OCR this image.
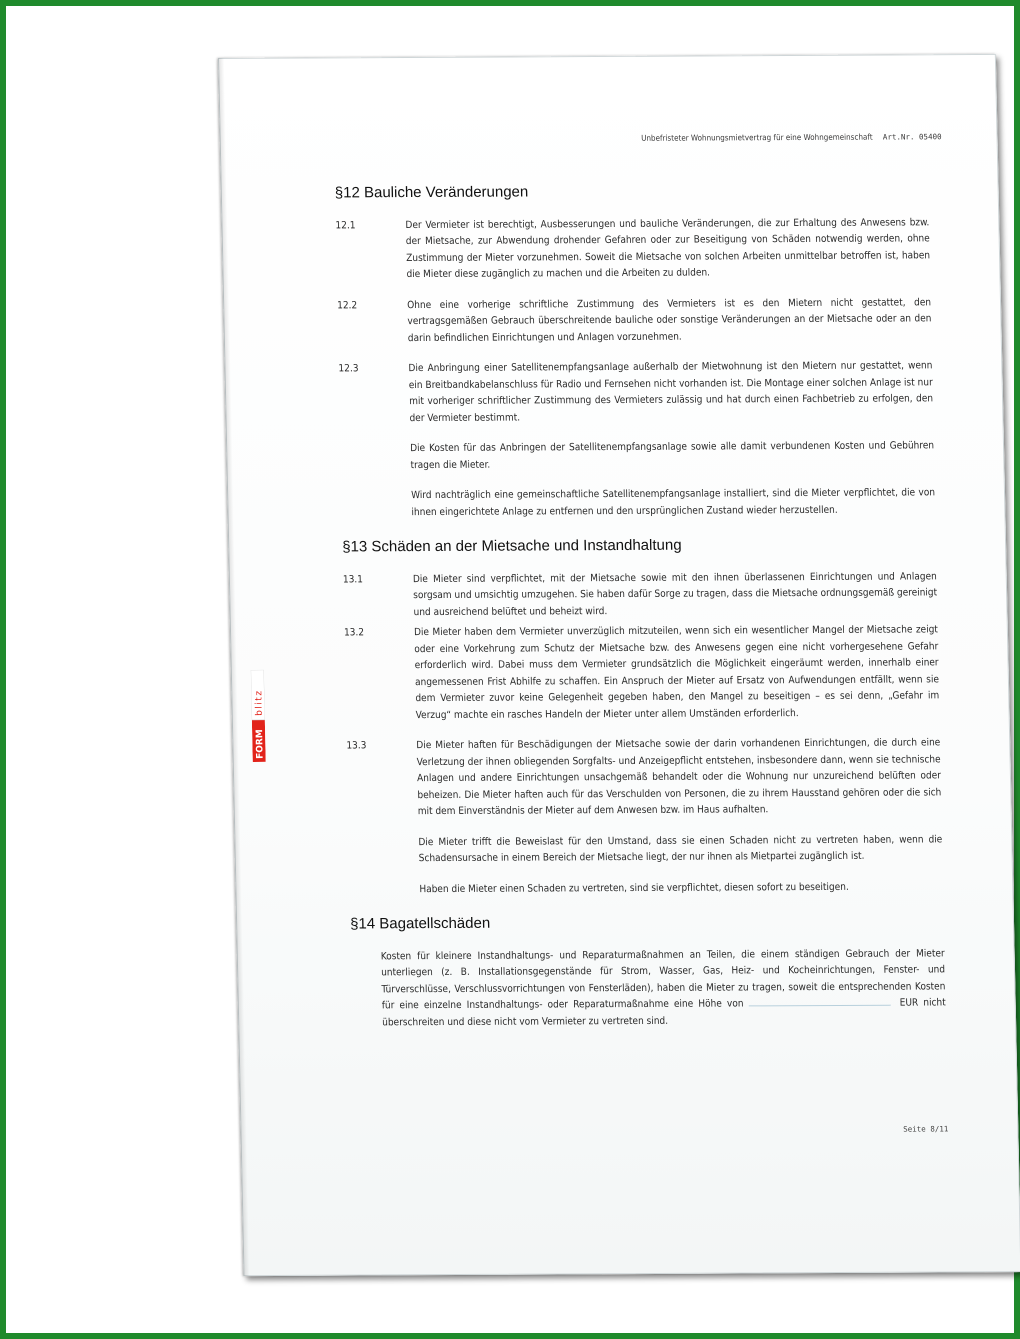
Unbefristeter Wohnungsmietvertrag für eine Wohngemeinschaft Art.Nr. 05400
FORM
blitz
§12 Bauliche Veränderungen
12.1	Der Vermieter ist berechtigt, Ausbesserungen und bauliche Veränderungen, die zur Erhaltung des Anwesens bzw. der Mietsache, zur Abwendung drohender Gefahren oder zur Beseitigung von Schäden notwendig werden, ohne Zustimmung der Mieter vorzunehmen. Soweit die Mietsache von solchen Arbeiten unmittelbar betroffen ist, haben die Mieter diese zugänglich zu machen und die Arbeiten zu dulden.
12.2	Ohne eine vorherige schriftliche Zustimmung des Vermieters ist es den Mietern nicht gestattet, den vertragsgemäßen Gebrauch überschreitende bauliche oder sonstige Veränderungen an der Mietsache oder an den darin befindlichen Einrichtungen und Anlagen vorzunehmen.
12.3	Die Anbringung einer Satellitenempfangsanlage außerhalb der Mietwohnung ist den Mietern nur gestattet, wenn ein Breitbandkabelanschluss für Radio und Fernsehen nicht vorhanden ist. Die Montage einer solchen Anlage ist nur mit vorheriger schriftlicher Zustimmung des Vermieters zulässig und hat durch einen Fachbetrieb zu erfolgen, den der Vermieter bestimmt.
Die Kosten für das Anbringen der Satellitenempfangsanlage sowie alle damit verbundenen Kosten und Gebühren tragen die Mieter.
Wird nachträglich eine gemeinschaftliche Satellitenempfangsanlage installiert, sind die Mieter verpflichtet, die von ihnen eingerichtete Anlage zu entfernen und den ursprünglichen Zustand wieder herzustellen.
§13 Schäden an der Mietsache und Instandhaltung
13.1	Die Mieter sind verpflichtet, mit der Mietsache sowie mit den ihnen überlassenen Einrichtungen und Anlagen sorgsam und umsichtig umzugehen. Sie haben dafür Sorge zu tragen, dass die Mietsache ordnungsgemäß gereinigt und ausreichend belüftet und beheizt wird.
13.2	Die Mieter haben dem Vermieter unverzüglich mitzuteilen, wenn sich ein wesentlicher Mangel der Mietsache zeigt oder eine Vorkehrung zum Schutz der Mietsache bzw. des Anwesens gegen eine nicht vorhergesehene Gefahr erforderlich wird. Dabei muss dem Vermieter grundsätzlich die Möglichkeit eingeräumt werden, innerhalb einer angemessenen Frist Abhilfe zu schaffen. Ein Anspruch der Mieter auf Ersatz von Aufwendungen entfällt, wenn sie dem Vermieter zuvor keine Gelegenheit gegeben haben, den Mangel zu beseitigen – es sei denn, „Gefahr im Verzug“ machte ein rasches Handeln der Mieter unter allem Umständen erforderlich.
13.3	Die Mieter haften für Beschädigungen der Mietsache sowie der darin vorhandenen Einrichtungen, die durch eine Verletzung der ihnen obliegenden Sorgfalts- und Anzeigepflicht entstehen, insbesondere dann, wenn sie technische Anlagen und andere Einrichtungen unsachgemäß behandelt oder die Wohnung nur unzureichend belüften oder beheizen. Die Mieter haften auch für das Verschulden von Personen, die zu ihrem Hausstand gehören oder die sich mit dem Einverständnis der Mieter auf dem Anwesen bzw. im Haus aufhalten.
Die Mieter trifft die Beweislast für den Umstand, dass sie einen Schaden nicht zu vertreten haben, wenn die Schadensursache in einem Bereich der Mietsache liegt, der nur ihnen als Mietpartei zugänglich ist.
Haben die Mieter einen Schaden zu vertreten, sind sie verpflichtet, diesen sofort zu beseitigen.
§14 Bagatellschäden
Kosten für kleinere Instandhaltungs- und Reparaturmaßnahmen an Teilen, die einem ständigen Gebrauch der Mieter unterliegen (z. B. Installationsgegenstände für Strom, Wasser, Gas, Heiz- und Kocheinrichtungen, Fenster- und Türverschlüsse, Verschlussvorrichtungen von Fensterläden), haben die Mieter zu tragen, soweit die entsprechenden Kosten für eine einzelne Instandhaltungs- oder Reparaturmaßnahme eine Höhe von	EUR nicht überschreiten und diese nicht vom Vermieter zu vertreten sind.
Seite 8/11
